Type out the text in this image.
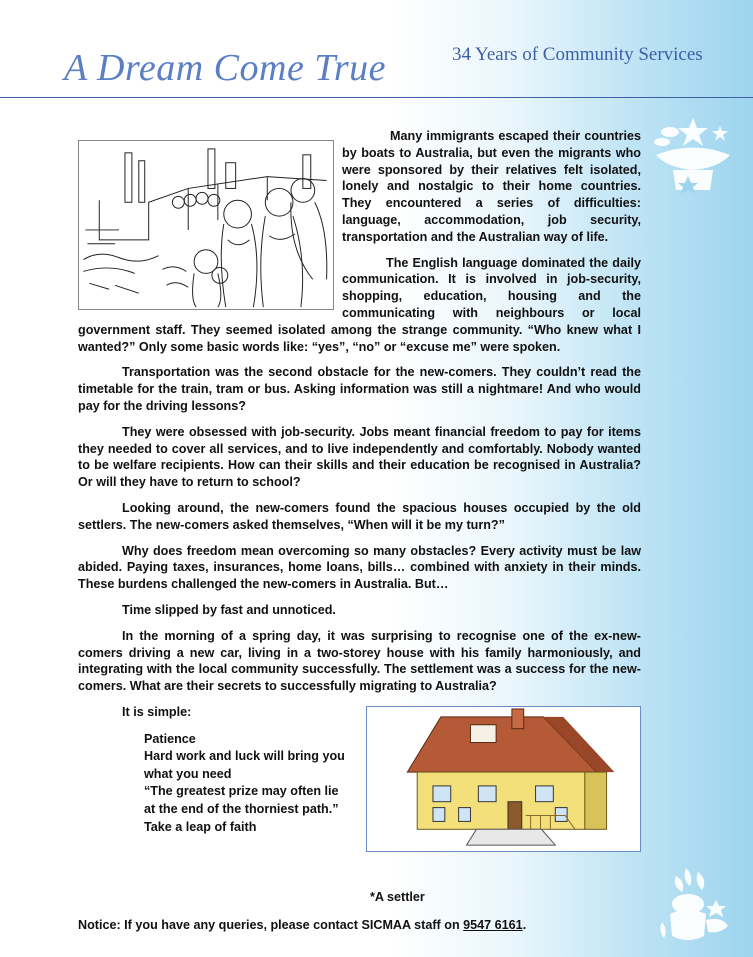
A Dream Come True	34 Years of Community Services

Many immigrants escaped their countries by boats to Australia, but even the migrants who were sponsored by their relatives felt isolated, lonely and nostalgic to their home countries. They encountered a series of difficulties: language, accommodation, job security, transportation and the Australian way of life.

The English language dominated the daily communication. It is involved in job-security, shopping, education, housing and the communicating with neighbours or local government staff. They seemed isolated among the strange community. “Who knew what I wanted?” Only some basic words like: “yes”, “no” or “excuse me” were spoken.

Transportation was the second obstacle for the new-comers. They couldn’t read the timetable for the train, tram or bus. Asking information was still a nightmare! And who would pay for the driving lessons?

They were obsessed with job-security. Jobs meant financial freedom to pay for items they needed to cover all services, and to live independently and comfortably. Nobody wanted to be welfare recipients. How can their skills and their education be recognised in Australia? Or will they have to return to school?

Looking around, the new-comers found the spacious houses occupied by the old settlers. The new-comers asked themselves, “When will it be my turn?”

Why does freedom mean overcoming so many obstacles? Every activity must be law abided. Paying taxes, insurances, home loans, bills… combined with anxiety in their minds. These burdens challenged the new-comers in Australia. But…

Time slipped by fast and unnoticed.

In the morning of a spring day, it was surprising to recognise one of the ex-new-comers driving a new car, living in a two-storey house with his family harmoniously, and integrating with the local community successfully. The settlement was a success for the new-comers. What are their secrets to successfully migrating to Australia?

It is simple:

Patience
Hard work and luck will bring you
what you need
“The greatest prize may often lie
at the end of the thorniest path.”
Take a leap of faith
*A settler
Notice: If you have any queries, please contact SICMAA staff on 9547 6161.
